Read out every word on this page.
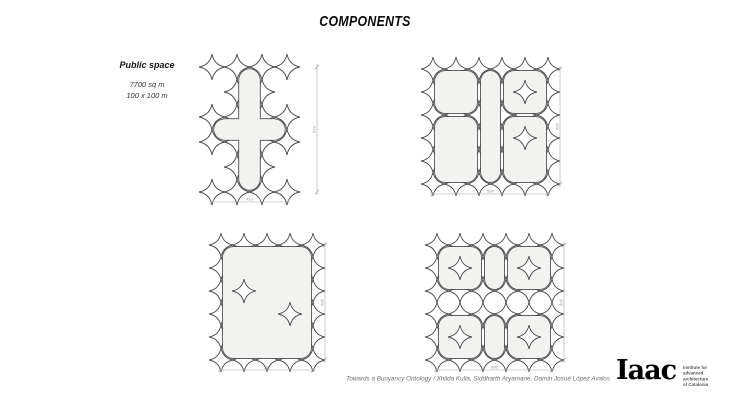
COMPONENTS
Public space
7700 sq m
100 x 100 m
410
610
600
600
500
600
600
600
Towards a Buoyancy Ontology / Xhilda Kulla, Siddharth Aryamane, Damin Josué López Avalos Iaac Institute for
advanced
architecture
of Catalonia
